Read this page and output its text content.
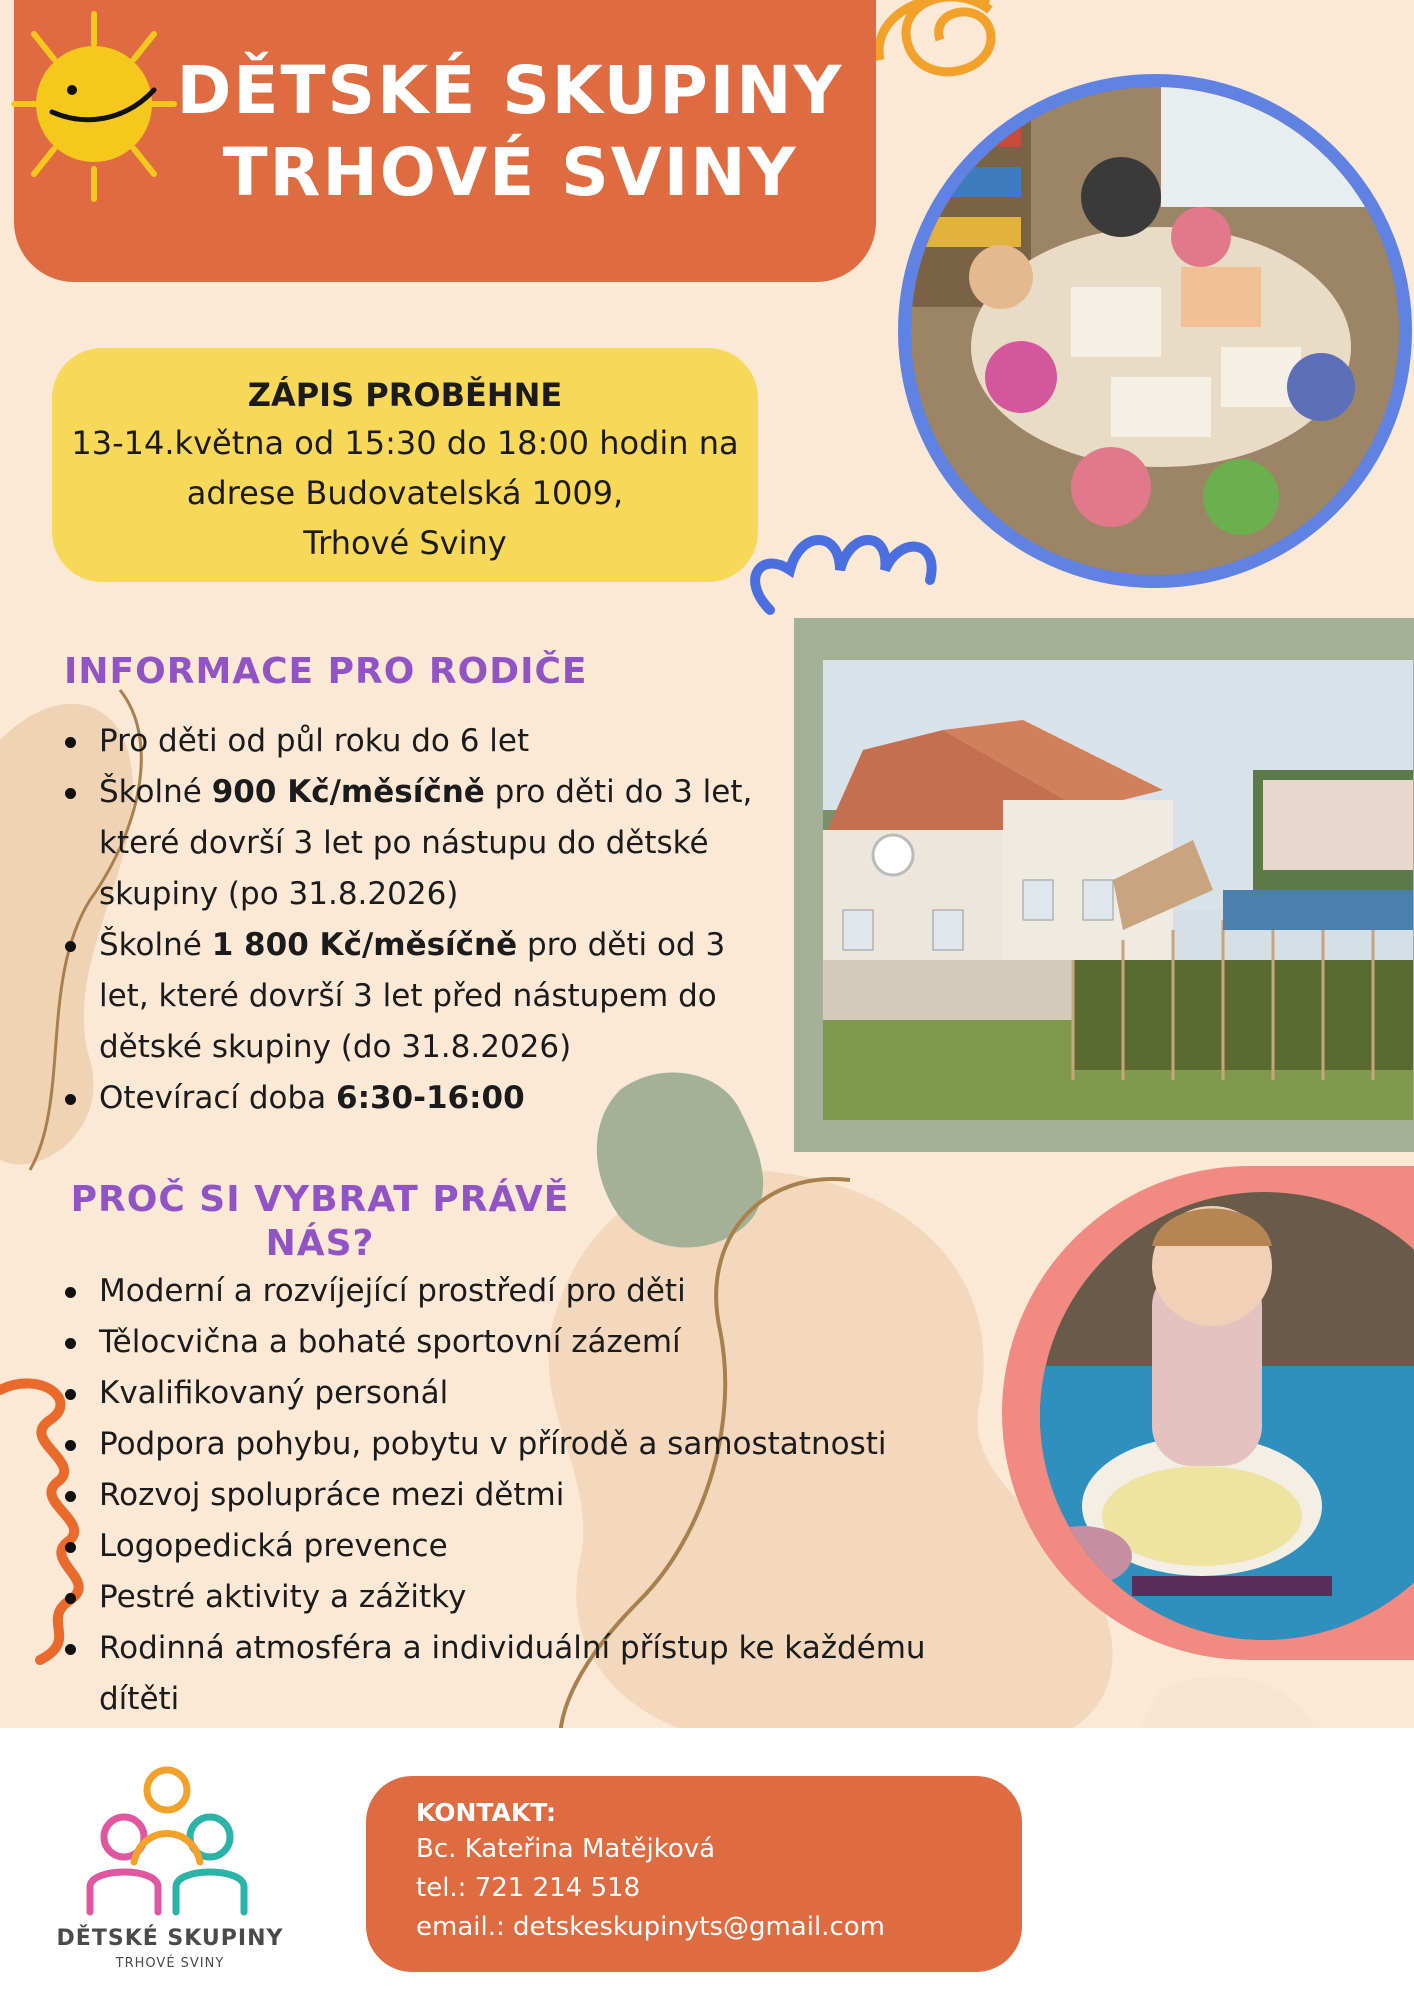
DĚTSKÉ SKUPINY
TRHOVÉ SVINY
ZÁPIS PROBĚHNE
13-14.května od 15:30 do 18:00 hodin na
adrese Budovatelská 1009,
Trhové Sviny
INFORMACE PRO RODIČE
Pro děti od půl roku do 6 let
Školné 900 Kč/měsíčně pro děti do 3 let, které dovrší 3 let po nástupu do dětské skupiny (po 31.8.2026)
Školné 1 800 Kč/měsíčně pro děti od 3 let, které dovrší 3 let před nástupem do dětské skupiny (do 31.8.2026)
Otevírací doba 6:30-16:00
PROČ SI VYBRAT PRÁVĚ
NÁS?
Moderní a rozvíjející prostředí pro děti
Tělocvična a bohaté sportovní zázemí
Kvalifikovaný personál
Podpora pohybu, pobytu v přírodě a samostatnosti
Rozvoj spolupráce mezi dětmi
Logopedická prevence
Pestré aktivity a zážitky
Rodinná atmosféra a individuální přístup ke každému dítěti
DĚTSKÉ SKUPINY
TRHOVÉ SVINY
KONTAKT:
Bc. Kateřina Matějková
tel.: 721 214 518
email.: detskeskupinyts@gmail.com
